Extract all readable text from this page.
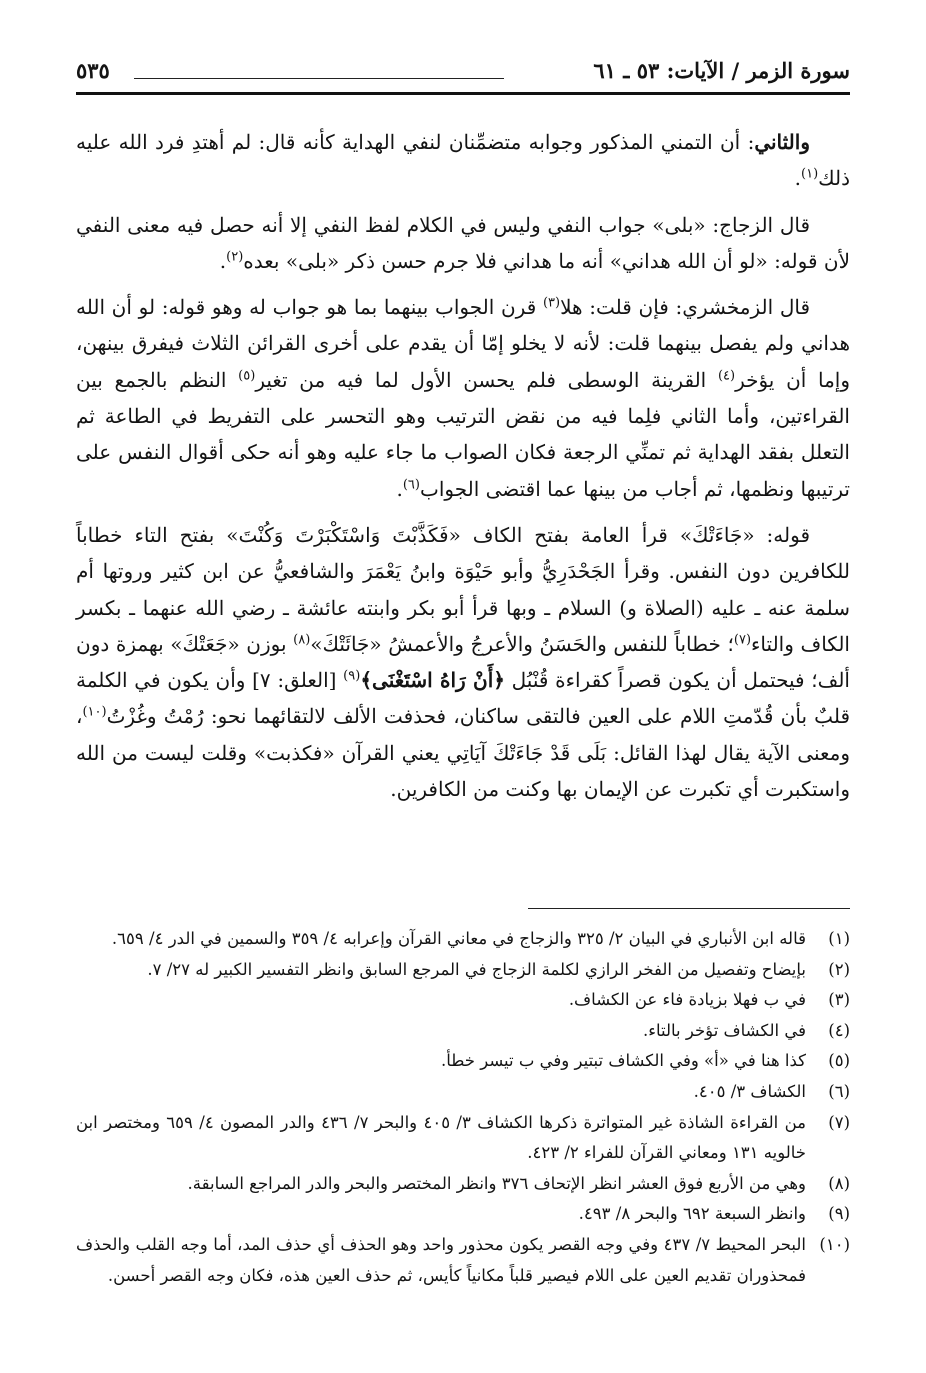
سورة الزمر / الآيات: ٥٣ ـ ٦١
٥٣٥

والثاني: أن التمني المذكور وجوابه متضمِّنان لنفي الهداية كأنه قال: لم أهتدِ فرد الله عليه ذلك$^{(١)}$.

قال الزجاج: «بلى» جواب النفي وليس في الكلام لفظ النفي إلا أنه حصل فيه معنى النفي لأن قوله: «لو أن الله هداني» أنه ما هداني فلا جرم حسن ذكر «بلى» بعده$^{(٢)}$.

قال الزمخشري: فإن قلت: هلا$^{(٣)}$ قرن الجواب بينهما بما هو جواب له وهو قوله: لو أن الله هداني ولم يفصل بينهما قلت: لأنه لا يخلو إمّا أن يقدم على أخرى القرائن الثلاث فيفرق بينهن، وإما أن يؤخر$^{(٤)}$ القرينة الوسطى فلم يحسن الأول لما فيه من تغير$^{(٥)}$ النظم بالجمع بين القراءتين، وأما الثاني فلِما فيه من نقض الترتيب وهو التحسر على التفريط في الطاعة ثم التعلل بفقد الهداية ثم تمنِّي الرجعة فكان الصواب ما جاء عليه وهو أنه حكى أقوال النفس على ترتيبها ونظمها، ثم أجاب من بينها عما اقتضى الجواب$^{(٦)}$.

قوله: «جَاءَتْكَ» قرأ العامة بفتح الكاف «فَكَذَّبْتَ وَاسْتَكْبَرْتَ وَكُنْتَ» بفتح التاء خطاباً للكافرين دون النفس. وقرأ الجَحْدَرِيُّ وأبو حَيْوَة وابنُ يَعْمَرَ والشافعيُّ عن ابن كثير وروتها أم سلمة عنه ـ عليه (الصلاة و) السلام ـ وبها قرأ أبو بكر وابنته عائشة ـ رضي الله عنهما ـ بكسر الكاف والتاء$^{(٧)}$؛ خطاباً للنفس والحَسَنُ والأعرجُ والأعمشُ «جَائَتْكَ»$^{(٨)}$ بوزن «جَعَتْكَ» بهمزة دون ألف؛ فيحتمل أن يكون قصراً كقراءة قُنْبُل ﴿أَنْ رَاهُ اسْتَغْنَى﴾$^{(٩)}$ [العلق: ٧] وأن يكون في الكلمة قلبٌ بأن قُدّمتِ اللام على العين فالتقى ساكنان، فحذفت الألف لالتقائهما نحو: رُمْتُ وغُزْتُ$^{(١٠)}$، ومعنى الآية يقال لهذا القائل: بَلَى قَدْ جَاءَتْكَ آيَاتِي يعني القرآن «فكذبت» وقلت ليست من الله واستكبرت أي تكبرت عن الإيمان بها وكنت من الكافرين.

(١)
قاله ابن الأنباري في البيان ٢/ ٣٢٥ والزجاج في معاني القرآن وإعرابه ٤/ ٣٥٩ والسمين في الدر ٤/ ٦٥٩.

(٢)
بإيضاح وتفصيل من الفخر الرازي لكلمة الزجاج في المرجع السابق وانظر التفسير الكبير له ٢٧/ ٧.

(٣)
في ب فهلا بزيادة فاء عن الكشاف.

(٤)
في الكشاف تؤخر بالتاء.

(٥)
كذا هنا في «أ» وفي الكشاف تبتير وفي ب تيسر خطأ.

(٦)
الكشاف ٣/ ٤٠٥.

(٧)
من القراءة الشاذة غير المتواترة ذكرها الكشاف ٣/ ٤٠٥ والبحر ٧/ ٤٣٦ والدر المصون ٤/ ٦٥٩ ومختصر ابن خالويه ١٣١ ومعاني القرآن للفراء ٢/ ٤٢٣.

(٨)
وهي من الأربع فوق العشر انظر الإتحاف ٣٧٦ وانظر المختصر والبحر والدر المراجع السابقة.

(٩)
وانظر السبعة ٦٩٢ والبحر ٨/ ٤٩٣.

(١٠)
البحر المحيط ٧/ ٤٣٧ وفي وجه القصر يكون محذور واحد وهو الحذف أي حذف المد، أما وجه القلب والحذف فمحذوران تقديم العين على اللام فيصير قلباً مكانياً كأيس، ثم حذف العين هذه، فكان وجه القصر أحسن.
